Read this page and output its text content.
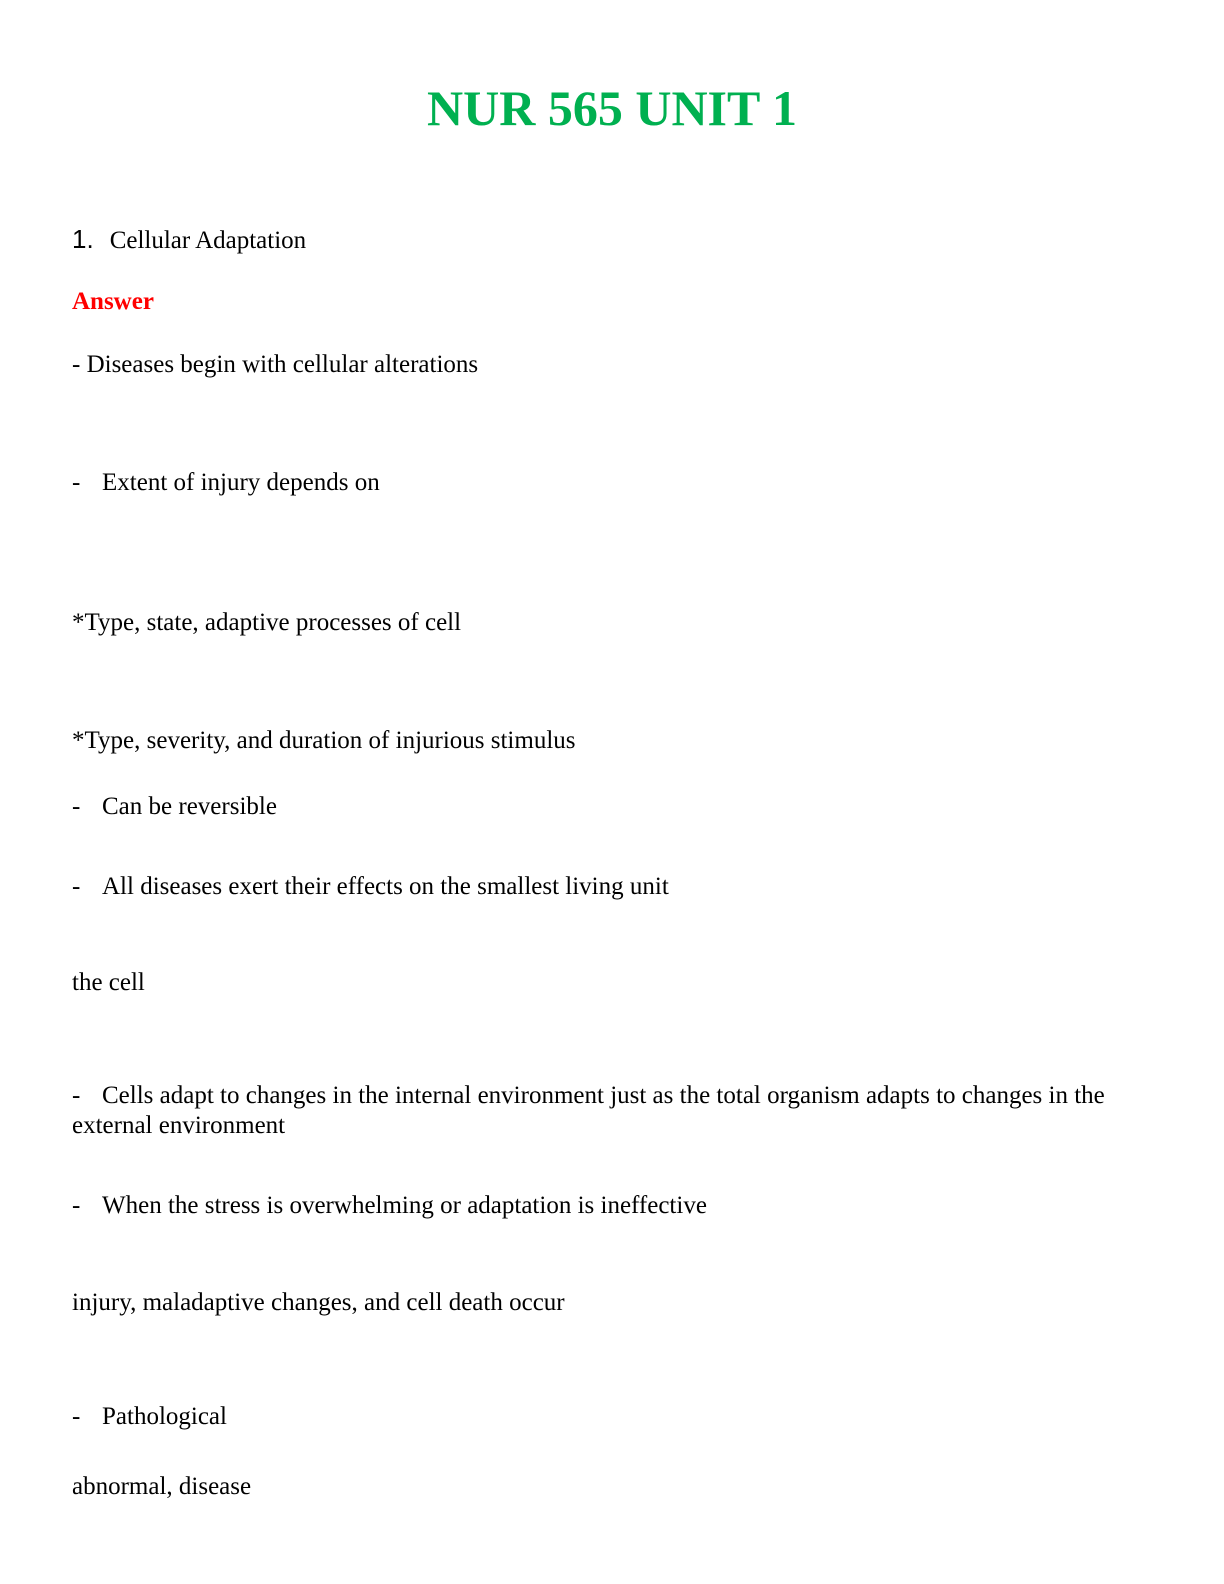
NUR 565 UNIT 1
1. Cellular Adaptation
Answer
- Diseases begin with cellular alterations
- Extent of injury depends on
*Type, state, adaptive processes of cell
*Type, severity, and duration of injurious stimulus
- Can be reversible
- All diseases exert their effects on the smallest living unit
the cell
- Cells adapt to changes in the internal environment just as the total organism adapts to changes in the external environment
- When the stress is overwhelming or adaptation is ineffective
injury, maladaptive changes, and cell death occur
- Pathological
abnormal, disease
